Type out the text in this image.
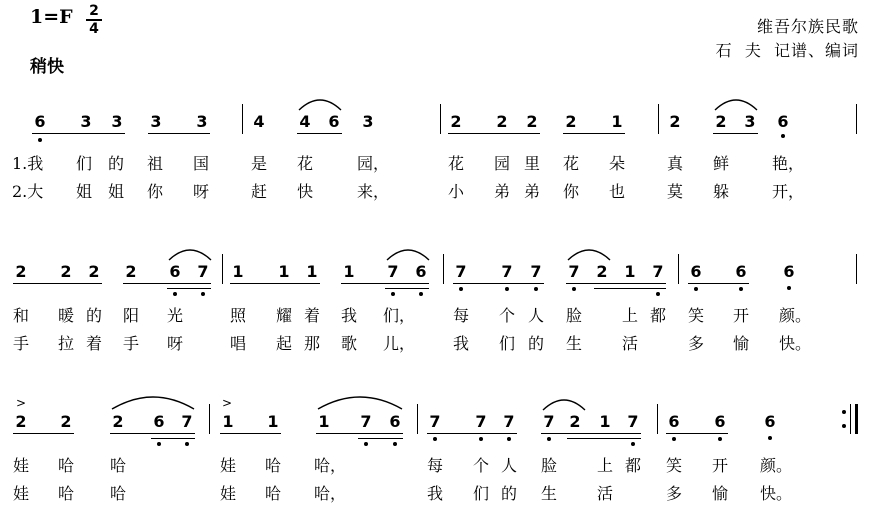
1=F 2
4
稍快
维吾尔族民歌
石  夫  记谱、编词
6 3 3 3 3	4 4 6 3	2 2 2 2 1	2 2 3 6
1.我 们 的 祖 国	是 花	园，	花 园 里 花 朵	真 鲜	艳，
2.大 姐 姐 你 呀	赶 快	来，	小 弟 弟 你 也	莫 躲	开，
2 2 2 2 6 7 1 1 1 1 7 6 7 7 7 7 2 1 7 6 6 6
和 暖 的 阳 光	照 耀 着 我 们， 每 个 人 脸 上 都 笑 开 颜。
手 拉 着 手 呀	唱 起 那 歌 儿， 我 们 的 生 活	多 愉 快。
>	>
2 2	2 6 7 1 1 1 7 6 7 7 7 7 2 1 7 6 6 6
娃 哈 哈	娃 哈 哈，	每 个 人 脸 上 都 笑 开 颜。
娃 哈 哈	娃 哈 哈，	我 们 的 生 活	多 愉 快。
